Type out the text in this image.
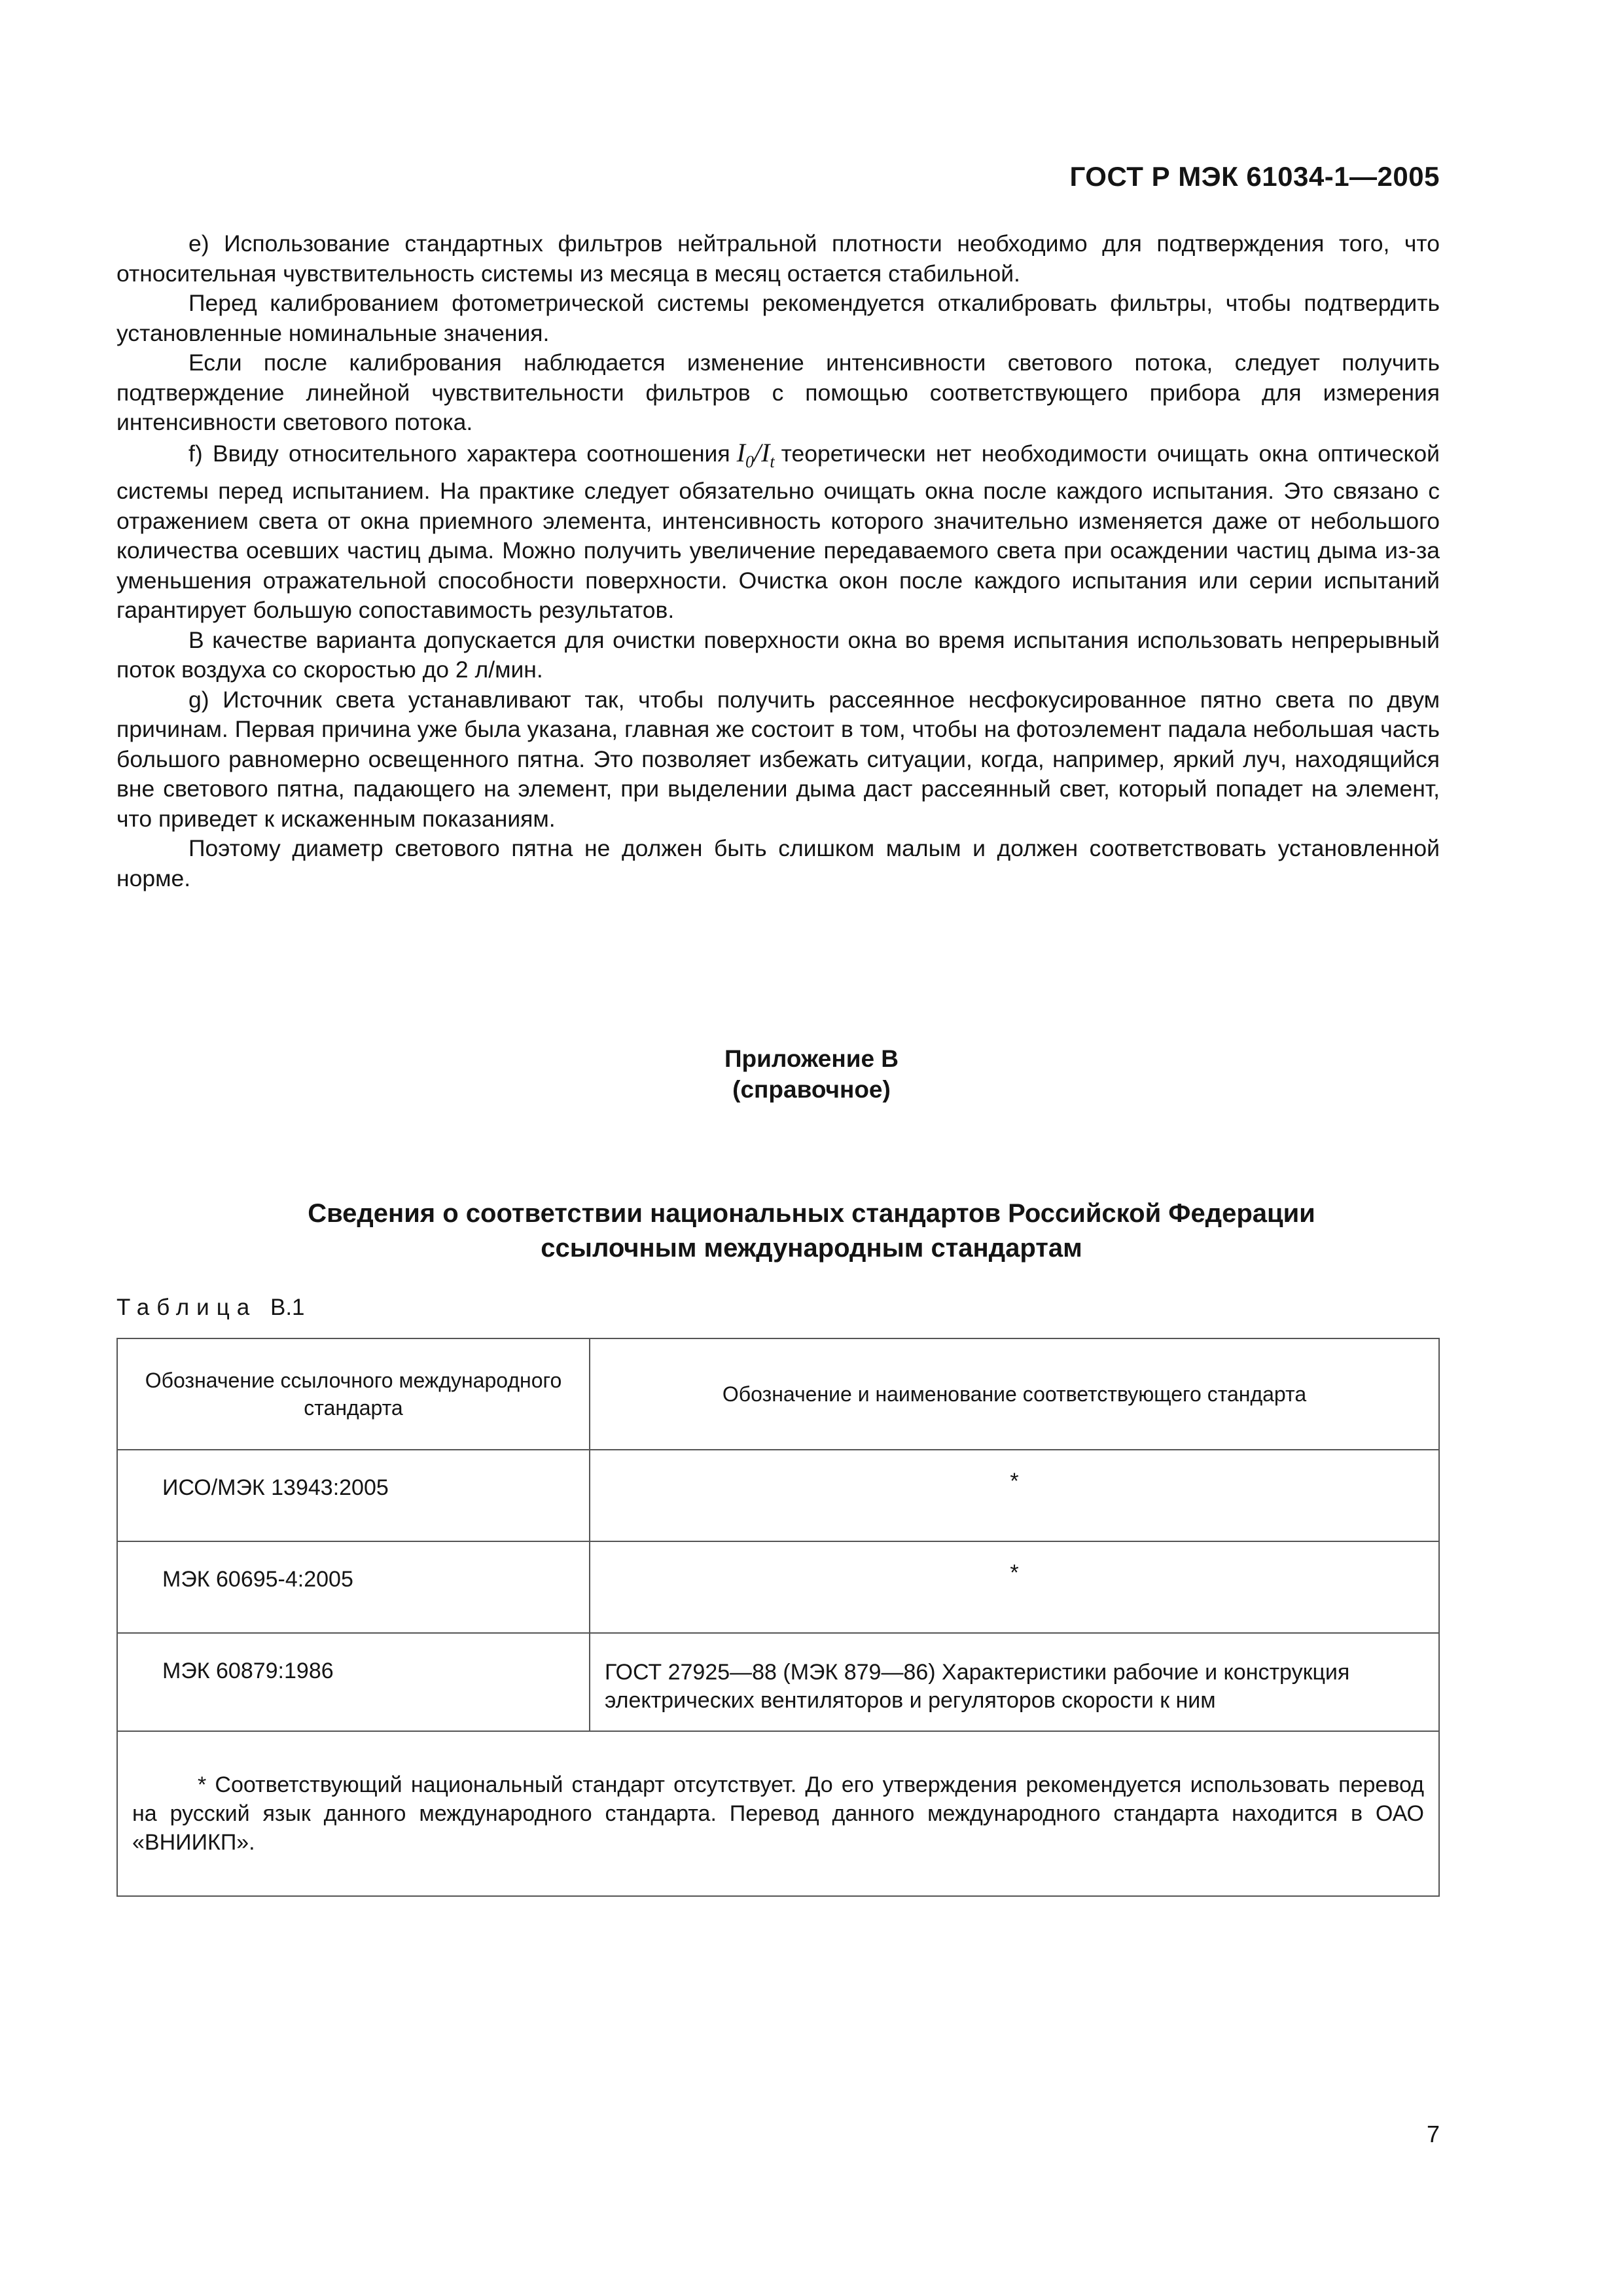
ГОСТ Р МЭК 61034-1—2005

е) Использование стандартных фильтров нейтральной плотности необходимо для подтверждения того, что относительная чувствительность системы из месяца в месяц остается стабильной.

Перед калиброванием фотометрической системы рекомендуется откалибровать фильтры, чтобы подтвердить установленные номинальные значения.

Если после калибрования наблюдается изменение интенсивности светового потока, следует получить подтверждение линейной чувствительности фильтров с помощью соответствующего прибора для измерения интенсивности светового потока.

f) Ввиду относительного характера соотношения $I_0/I_t$ теоретически нет необходимости очищать окна оптической системы перед испытанием. На практике следует обязательно очищать окна после каждого испытания. Это связано с отражением света от окна приемного элемента, интенсивность которого значительно изменяется даже от небольшого количества осевших частиц дыма. Можно получить увеличение передаваемого света при осаждении частиц дыма из-за уменьшения отражательной способности поверхности. Очистка окон после каждого испытания или серии испытаний гарантирует большую сопоставимость результатов.

В качестве варианта допускается для очистки поверхности окна во время испытания использовать непрерывный поток воздуха со скоростью до 2 л/мин.

g) Источник света устанавливают так, чтобы получить рассеянное несфокусированное пятно света по двум причинам. Первая причина уже была указана, главная же состоит в том, чтобы на фотоэлемент падала небольшая часть большого равномерно освещенного пятна. Это позволяет избежать ситуации, когда, например, яркий луч, находящийся вне светового пятна, падающего на элемент, при выделении дыма даст рассеянный свет, который попадет на элемент, что приведет к искаженным показаниям.

Поэтому диаметр светового пятна не должен быть слишком малым и должен соответствовать установленной норме.

Приложение В
(справочное)
Сведения о соответствии национальных стандартов Российской Федерации
ссылочным международным стандартам
Таблица В.1
Обозначение ссылочного международного стандарта	Обозначение и наименование соответствующего стандарта
ИСО/МЭК 13943:2005	*
МЭК 60695-4:2005	*
МЭК 60879:1986	ГОСТ 27925—88 (МЭК 879—86) Характеристики рабочие и конструкция электрических вентиляторов и регуляторов скорости к ним
* Соответствующий национальный стандарт отсутствует. До его утверждения рекомендуется использовать перевод на русский язык данного международного стандарта. Перевод данного международного стандарта находится в ОАО «ВНИИКП».	
7
